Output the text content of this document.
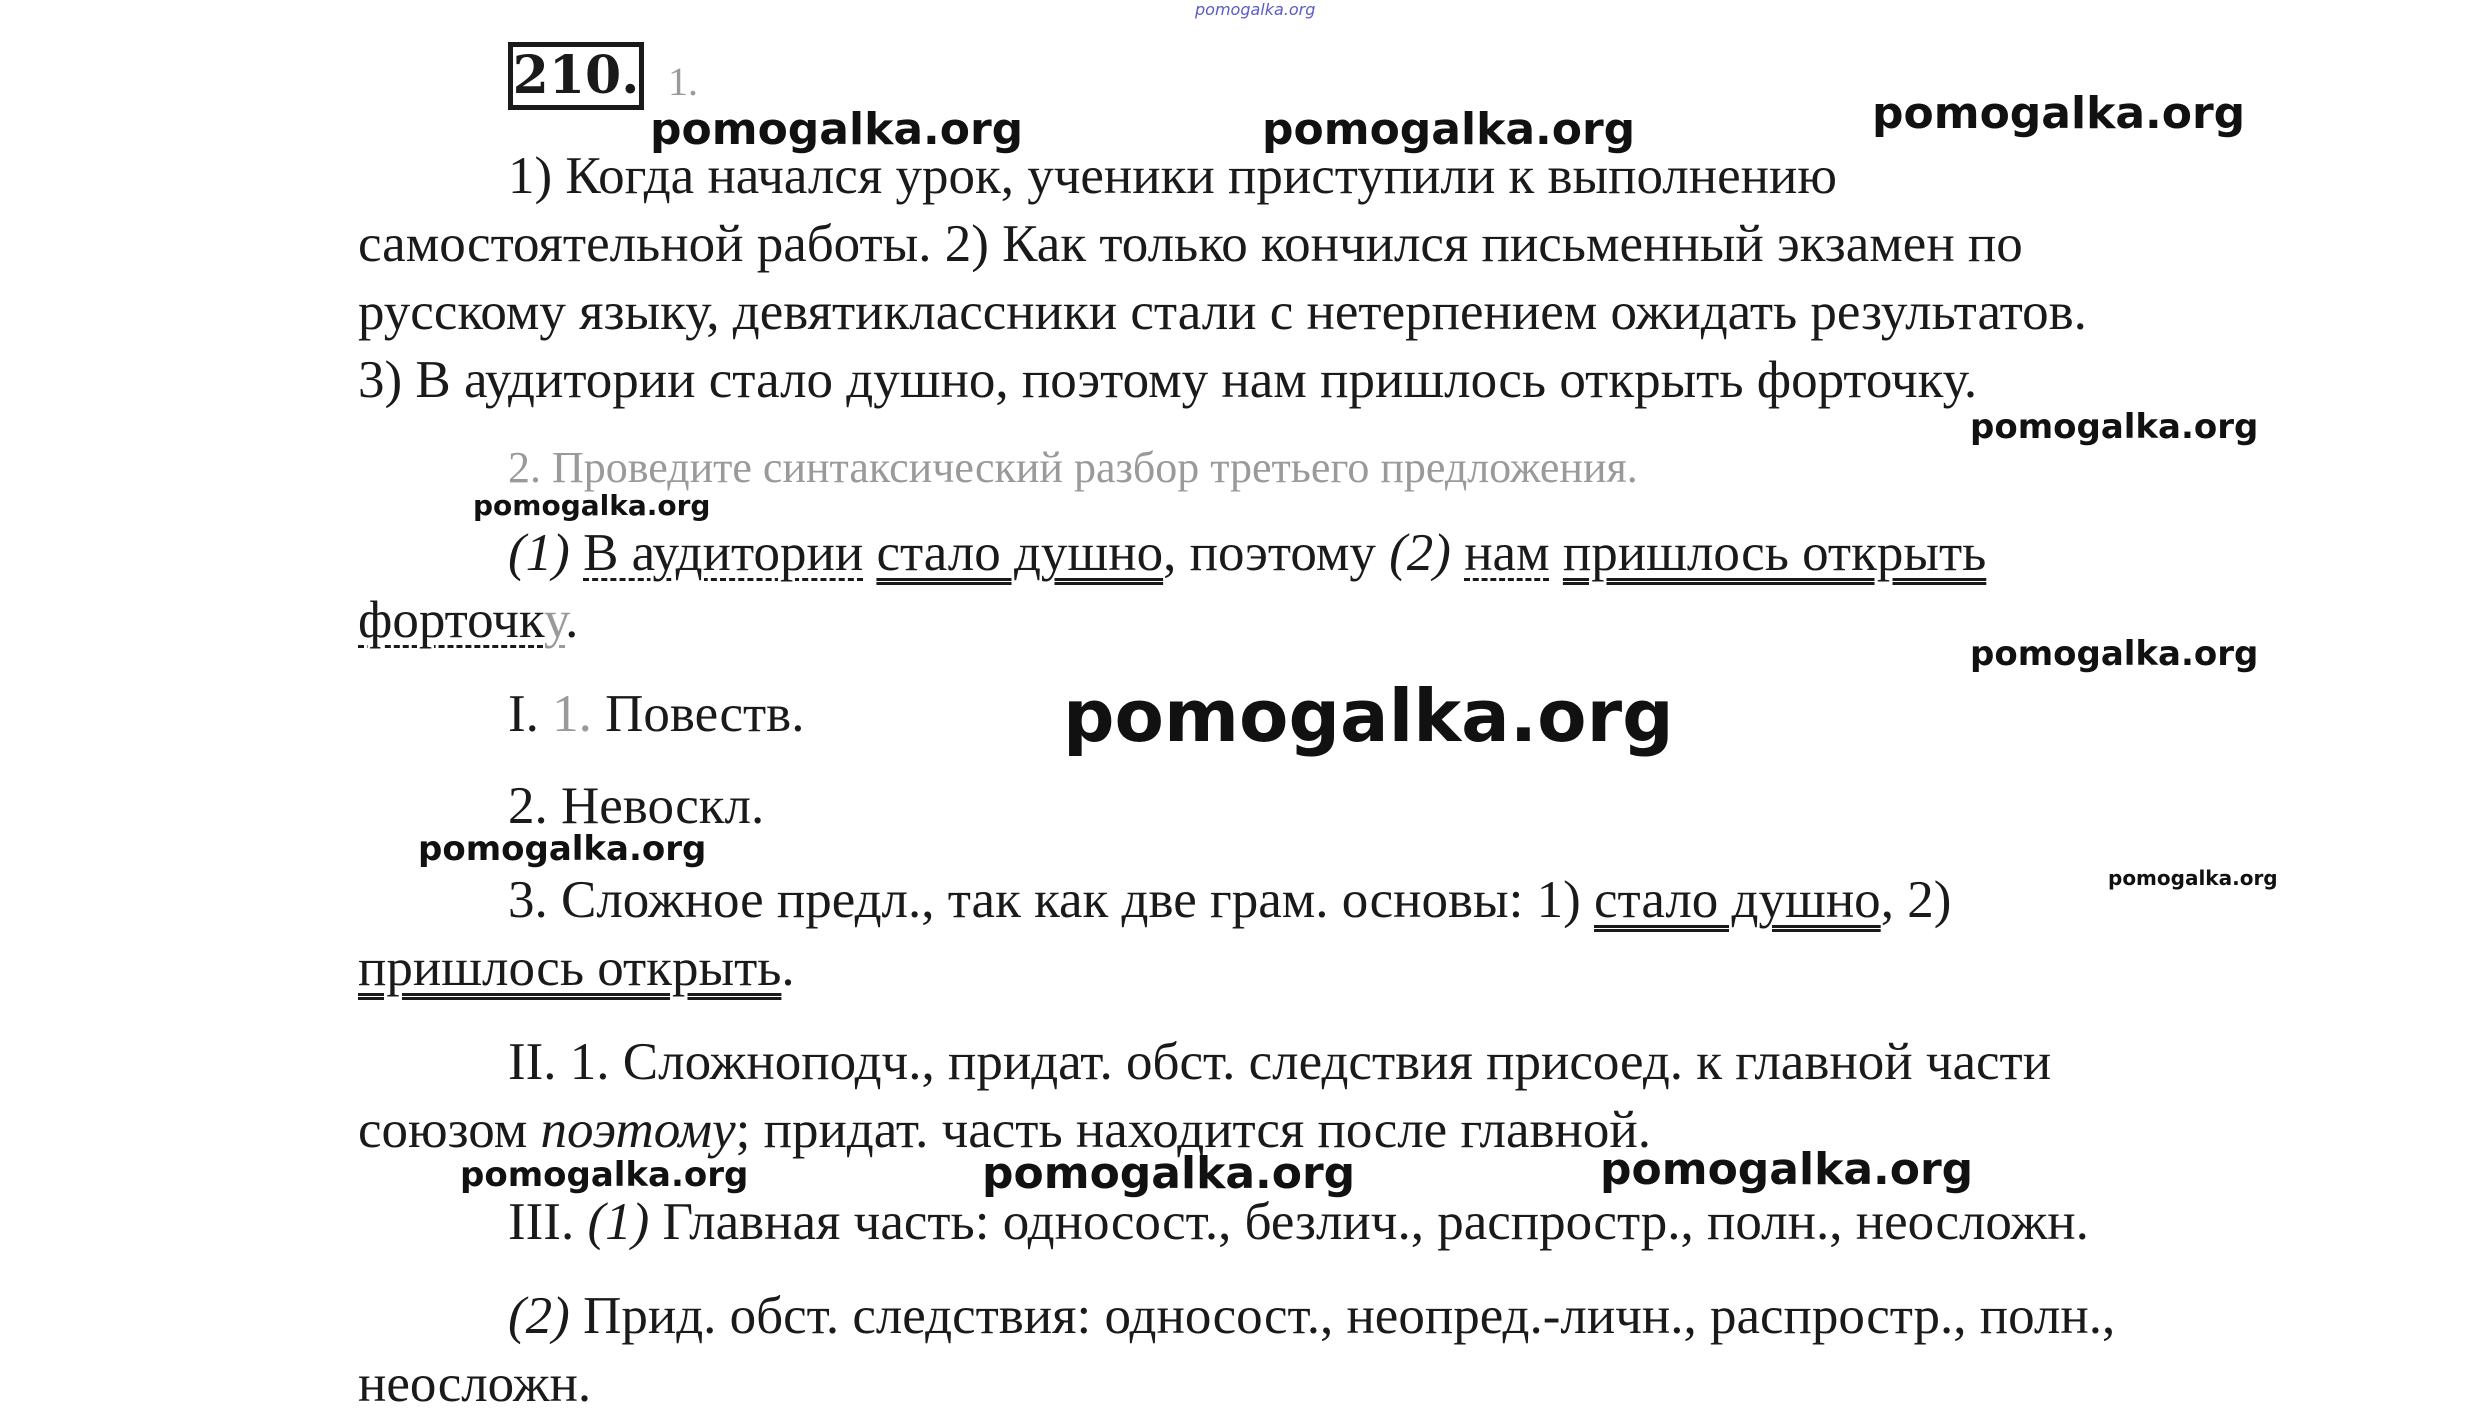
pomogalka.org
210. 1.
pomogalka.org	pomogalka.org	pomogalka.org
1) Когда начался урок, ученики приступили к выполнению
самостоятельной работы. 2) Как только кончился письменный экзамен по
русскому языку, девятиклассники стали с нетерпением ожидать результатов.
3) В аудитории стало душно, поэтому нам пришлось открыть форточку.
pomogalka.org
2. Проведите синтаксический разбор третьего предложения.
pomogalka.org
(1) В аудитории стало душно, поэтому (2) нам пришлось открыть
форточку.
pomogalka.org
I. 1. Повеств.	pomogalka.org
2. Невоскл.
pomogalka.org
3. Сложное предл., так как две грам. основы: 1) стало душно, 2)	pomogalka.org
пришлось открыть.
II. 1. Сложноподч., придат. обст. следствия присоед. к главной части
союзом поэтому; придат. часть находится после главной.
pomogalka.org	pomogalka.org	pomogalka.org
III. (1) Главная часть: односост., безлич., распростр., полн., неосложн.
(2) Прид. обст. следствия: односост., неопред.-личн., распростр., полн.,
неосложн.
